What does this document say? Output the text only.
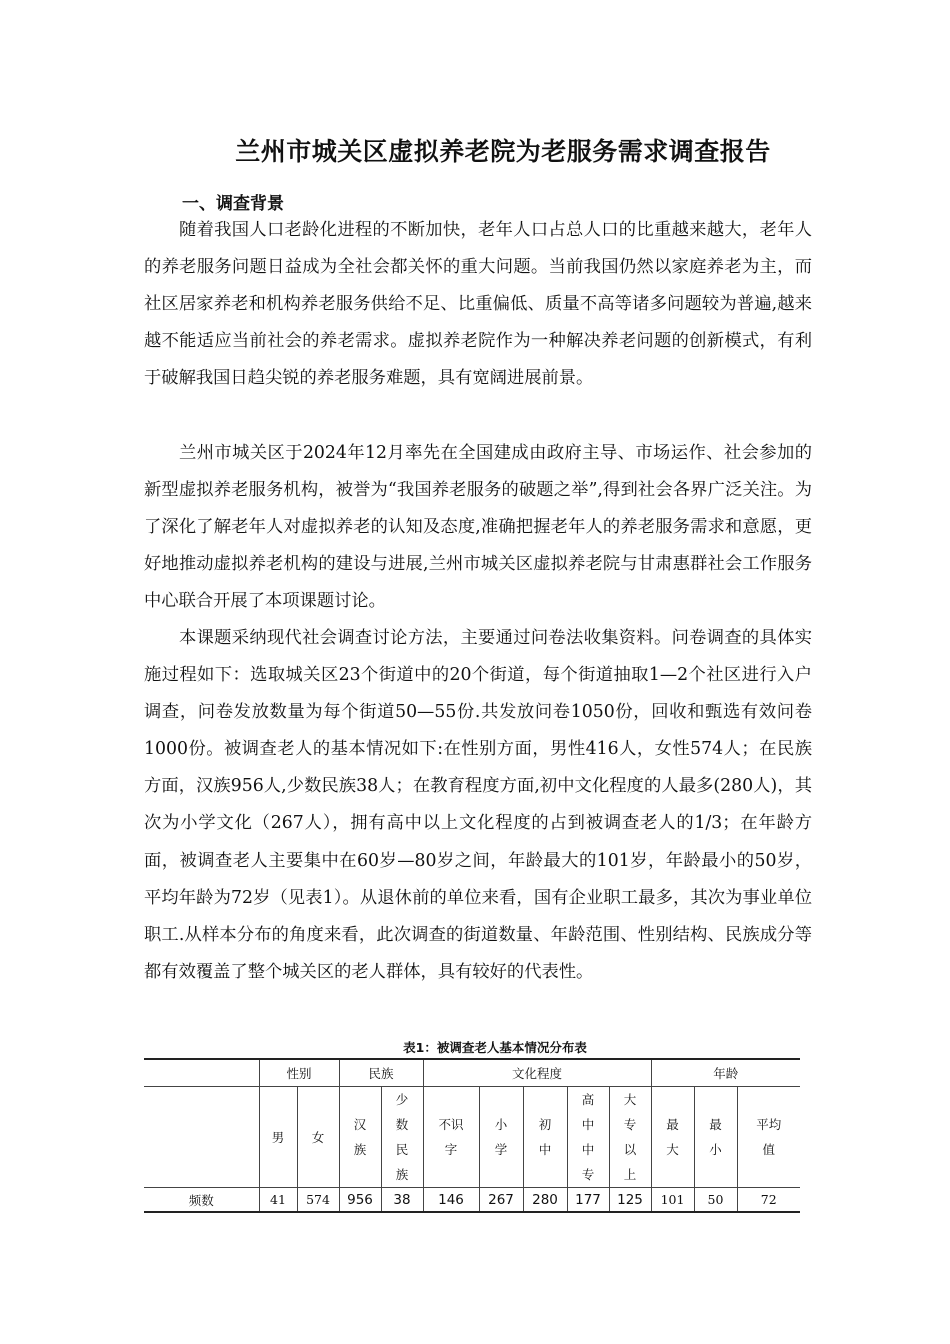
兰州市城关区虚拟养老院为老服务需求调查报告
一、调查背景

随着我国人口老龄化进程的不断加快，老年人口占总人口的比重越来越大，老年人的养老服务问题日益成为全社会都关怀的重大问题。当前我国仍然以家庭养老为主，而社区居家养老和机构养老服务供给不足、比重偏低、质量不高等诸多问题较为普遍,越来越不能适应当前社会的养老需求。虚拟养老院作为一种解决养老问题的创新模式，有利于破解我国日趋尖锐的养老服务难题，具有宽阔进展前景。

兰州市城关区于2024年12月率先在全国建成由政府主导、市场运作、社会参加的新型虚拟养老服务机构，被誉为“我国养老服务的破题之举”,得到社会各界广泛关注。为了深化了解老年人对虚拟养老的认知及态度,准确把握老年人的养老服务需求和意愿，更好地推动虚拟养老机构的建设与进展,兰州市城关区虚拟养老院与甘肃惠群社会工作服务中心联合开展了本项课题讨论。

本课题采纳现代社会调查讨论方法，主要通过问卷法收集资料。问卷调查的具体实施过程如下：选取城关区23个街道中的20个街道，每个街道抽取1—2个社区进行入户调查，问卷发放数量为每个街道50—55份.共发放问卷1050份，回收和甄选有效问卷1000份。被调查老人的基本情况如下:在性别方面，男性416人，女性574人；在民族方面，汉族956人,少数民族38人；在教育程度方面,初中文化程度的人最多(280人)，其次为小学文化（267人），拥有高中以上文化程度的占到被调查老人的1/3；在年龄方面，被调查老人主要集中在60岁—80岁之间，年龄最大的101岁，年龄最小的50岁，平均年龄为72岁（见表1）。从退休前的单位来看，国有企业职工最多，其次为事业单位职工.从样本分布的角度来看，此次调查的街道数量、年龄范围、性别结构、民族成分等都有效覆盖了整个城关区的老人群体，具有较好的代表性。

表1：被调查老人基本情况分布表
	性别		民族		文化程度					年龄		
	男	女	汉族	少数民族	不识字	小学	初中	高中中专	大专以上	最大	最小	平均值
频数	41	574	956	38	146	267	280	177	125	101	50	72
